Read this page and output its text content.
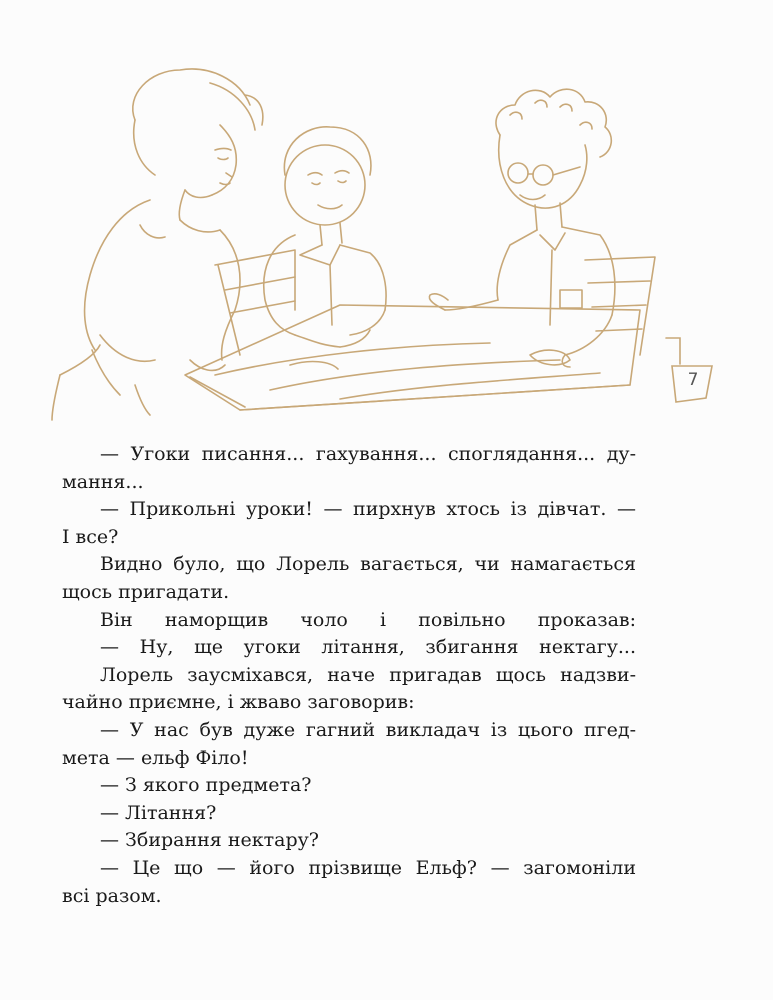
7

— Угоки писання... гахування... споглядання... ду-

мання...

— Прикольні уроки! — пирхнув хтось із дівчат. —

І все?

Видно було, що Лорель вагається, чи намагається

щось пригадати.

Він наморщив чоло і повільно проказав:

— Ну, ще угоки літання, збигання нектагу...

Лорель заусміхався, наче пригадав щось надзви-

чайно приємне, і жваво заговорив:

— У нас був дуже гагний викладач із цього пгед-

мета — ельф Філо!

— З якого предмета?

— Літання?

— Збирання нектару?

— Це що — його прізвище Ельф? — загомоніли

всі разом.
